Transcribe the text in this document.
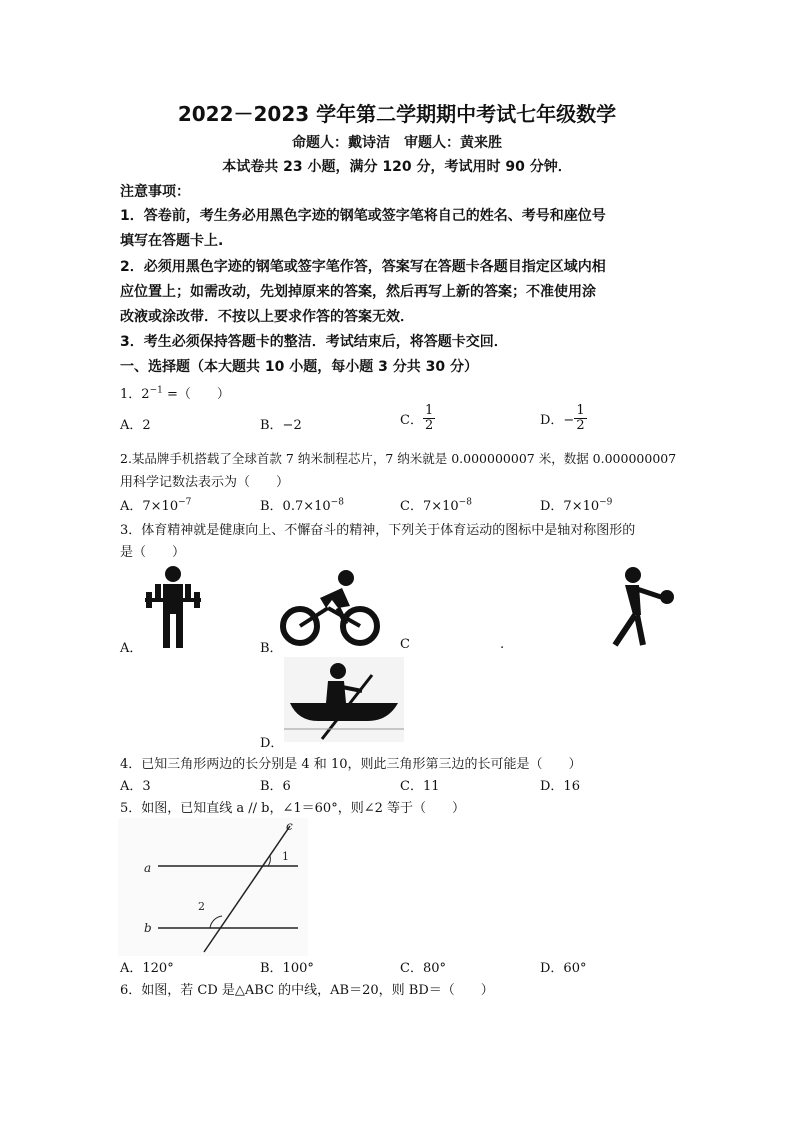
2022－2023 学年第二学期期中考试七年级数学
命题人：戴诗洁　审题人：黄来胜
本试卷共 23 小题，满分 120 分，考试用时 90 分钟．
注意事项：
1．答卷前，考生务必用黑色字迹的钢笔或签字笔将自己的姓名、考号和座位号
填写在答题卡上.
2．必须用黑色字迹的钢笔或签字笔作答，答案写在答题卡各题目指定区域内相
应位置上；如需改动，先划掉原来的答案，然后再写上新的答案；不准使用涂
改液或涂改带．不按以上要求作答的答案无效．
3．考生必须保持答题卡的整洁．考试结束后，将答题卡交回．
一、选择题（本大题共 10 小题，每小题 3 分共 30 分）
1．$2^{-1}$ =（　　）
A．2	B．−2	C． $\frac{1}{2}$	D．− $\frac{1}{2}$
2.某品牌手机搭载了全球首款 7 纳米制程芯片，7 纳米就是 0.000000007 米，数据 0.000000007
用科学记数法表示为（　　）
A．$7\times 10^{-7}$	B．$0.7\times 10^{-8}$	C．$7\times 10^{-8}$	D．$7\times 10^{-9}$
3．体育精神就是健康向上、不懈奋斗的精神，下列关于体育运动的图标中是轴对称图形的
是（　　）
A．	B．	C	.
D．
4．已知三角形两边的长分别是 4 和 10，则此三角形第三边的长可能是（　　）
A．3	B．6	C．11	D．16
5．如图，已知直线 a // b，∠1＝60°，则∠2 等于（　　）
a
b
c
1
2
A．120°	B．100°	C．80°	D．60°
6．如图，若 CD 是△ABC 的中线，AB＝20，则 BD＝（　　）
